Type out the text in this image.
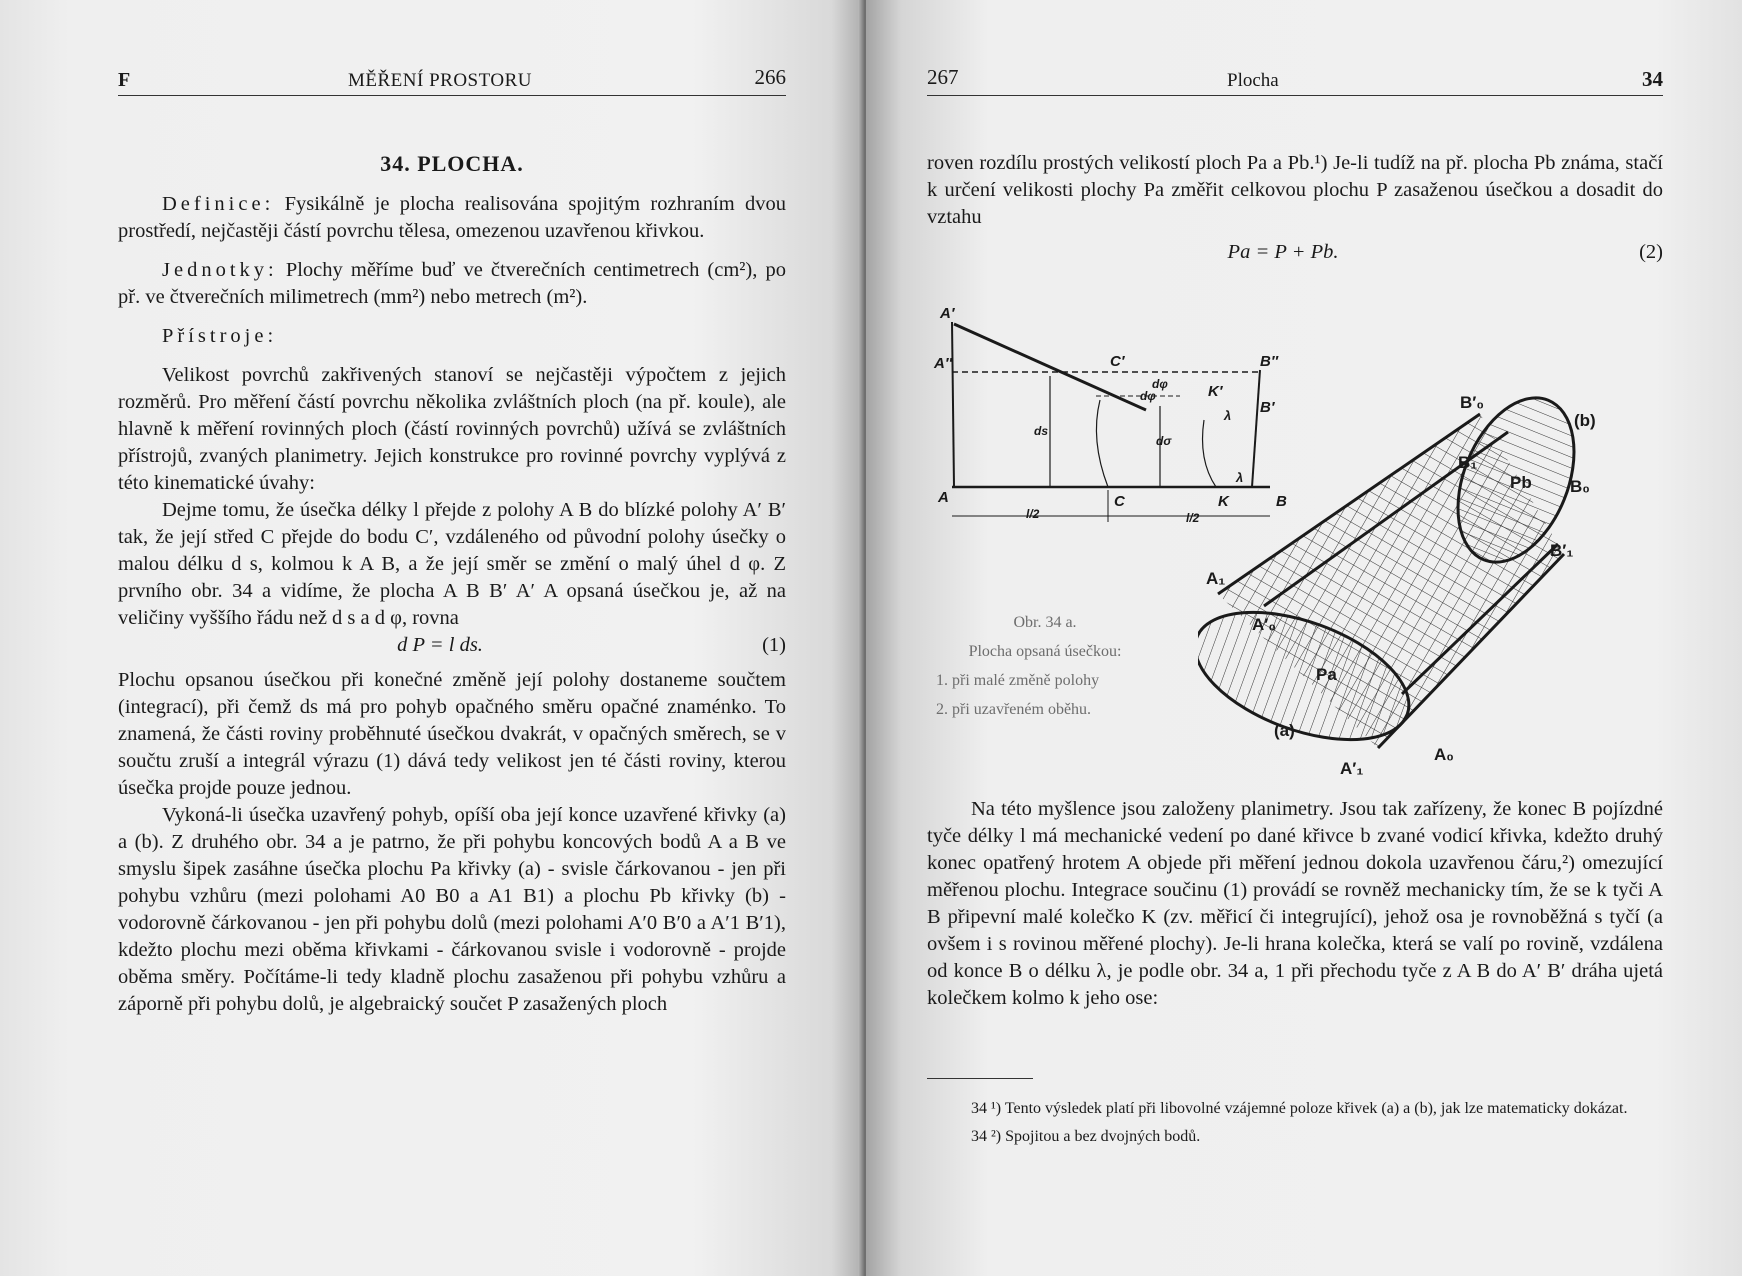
F	MĚŘENÍ PROSTORU	266
34. PLOCHA.

Definice: Fysikálně je plocha realisována spojitým rozhraním dvou prostředí, nejčastěji částí povrchu tělesa, omezenou uzavřenou křivkou.

Jednotky: Plochy měříme buď ve čtverečních centimetrech (cm²), po př. ve čtverečních milimetrech (mm²) nebo metrech (m²).

Přístroje:

Velikost povrchů zakřivených stanoví se nejčastěji výpočtem z jejich rozměrů. Pro měření částí povrchu několika zvláštních ploch (na př. koule), ale hlavně k měření rovinných ploch (částí rovinných povrchů) užívá se zvláštních přístrojů, zvaných planimetry. Jejich konstrukce pro rovinné povrchy vyplývá z této kinematické úvahy:

Dejme tomu, že úsečka délky l přejde z polohy A B do blízké polohy A′ B′ tak, že její střed C přejde do bodu C′, vzdáleného od původní polohy úsečky o malou délku d s, kolmou k A B, a že její směr se změní o malý úhel d φ. Z prvního obr. 34 a vidíme, že plocha A B B′ A′ A opsaná úsečkou je, až na veličiny vyššího řádu než d s a d φ, rovna

d P = l ds.	(1)

Plochu opsanou úsečkou při konečné změně její polohy dostaneme součtem (integrací), při čemž ds má pro pohyb opačného směru opačné znaménko. To znamená, že části roviny proběhnuté úsečkou dvakrát, v opačných směrech, se v součtu zruší a integrál výrazu (1) dává tedy velikost jen té části roviny, kterou úsečka projde pouze jednou.

Vykoná-li úsečka uzavřený pohyb, opíší oba její konce uzavřené křivky (a) a (b). Z druhého obr. 34 a je patrno, že při pohybu koncových bodů A a B ve smyslu šipek zasáhne úsečka plochu Pa křivky (a) - svisle čárkovanou - jen při pohybu vzhůru (mezi polohami A0 B0 a A1 B1) a plochu Pb křivky (b) - vodorovně čárkovanou - jen při pohybu dolů (mezi polohami A′0 B′0 a A′1 B′1), kdežto plochu mezi oběma křivkami - čárkovanou svisle i vodorovně - projde oběma směry. Počítáme-li tedy kladně plochu zasaženou při pohybu vzhůru a záporně při pohybu dolů, je algebraický součet P zasažených ploch

267	Plocha	34

roven rozdílu prostých velikostí ploch Pa a Pb.¹) Je-li tudíž na př. plocha Pb známa, stačí k určení velikosti plochy Pa změřit celkovou plochu P zasaženou úsečkou a dosadit do vztahu

Pa = P + Pb.	(2)

Na této myšlence jsou založeny planimetry. Jsou tak zařízeny, že konec B pojízdné tyče délky l má mechanické vedení po dané křivce b zvané vodicí křivka, kdežto druhý konec opatřený hrotem A objede při měření jednou dokola uzavřenou čáru,²) omezující měřenou plochu. Integrace součinu (1) provádí se rovněž mechanicky tím, že se k tyči A B připevní malé kolečko K (zv. měřicí či integrující), jehož osa je rovnoběžná s tyčí (a ovšem i s rovinou měřené plochy). Je-li hrana kolečka, která se valí po rovině, vzdálena od konce B o délku λ, je podle obr. 34 a, 1 při přechodu tyče z A B do A′ B′ dráha ujetá kolečkem kolmo k jeho ose:

A′
A″	C′	B″
dφ
dφ	K′
B′
ds
dσ
λ
λ
A	C	K	B
l/2	l/2
B′₀
(b)
B₁
Pb B₀
B′₁
A₁
A′₀
Pa
(a)
A′₁
A₀
Obr. 34 a.
Plocha opsaná úsečkou:
1. při malé změně polohy
2. při uzavřeném oběhu.

34 ¹) Tento výsledek platí při libovolné vzájemné poloze křivek (a) a (b), jak lze matematicky dokázat.

34 ²) Spojitou a bez dvojných bodů.
